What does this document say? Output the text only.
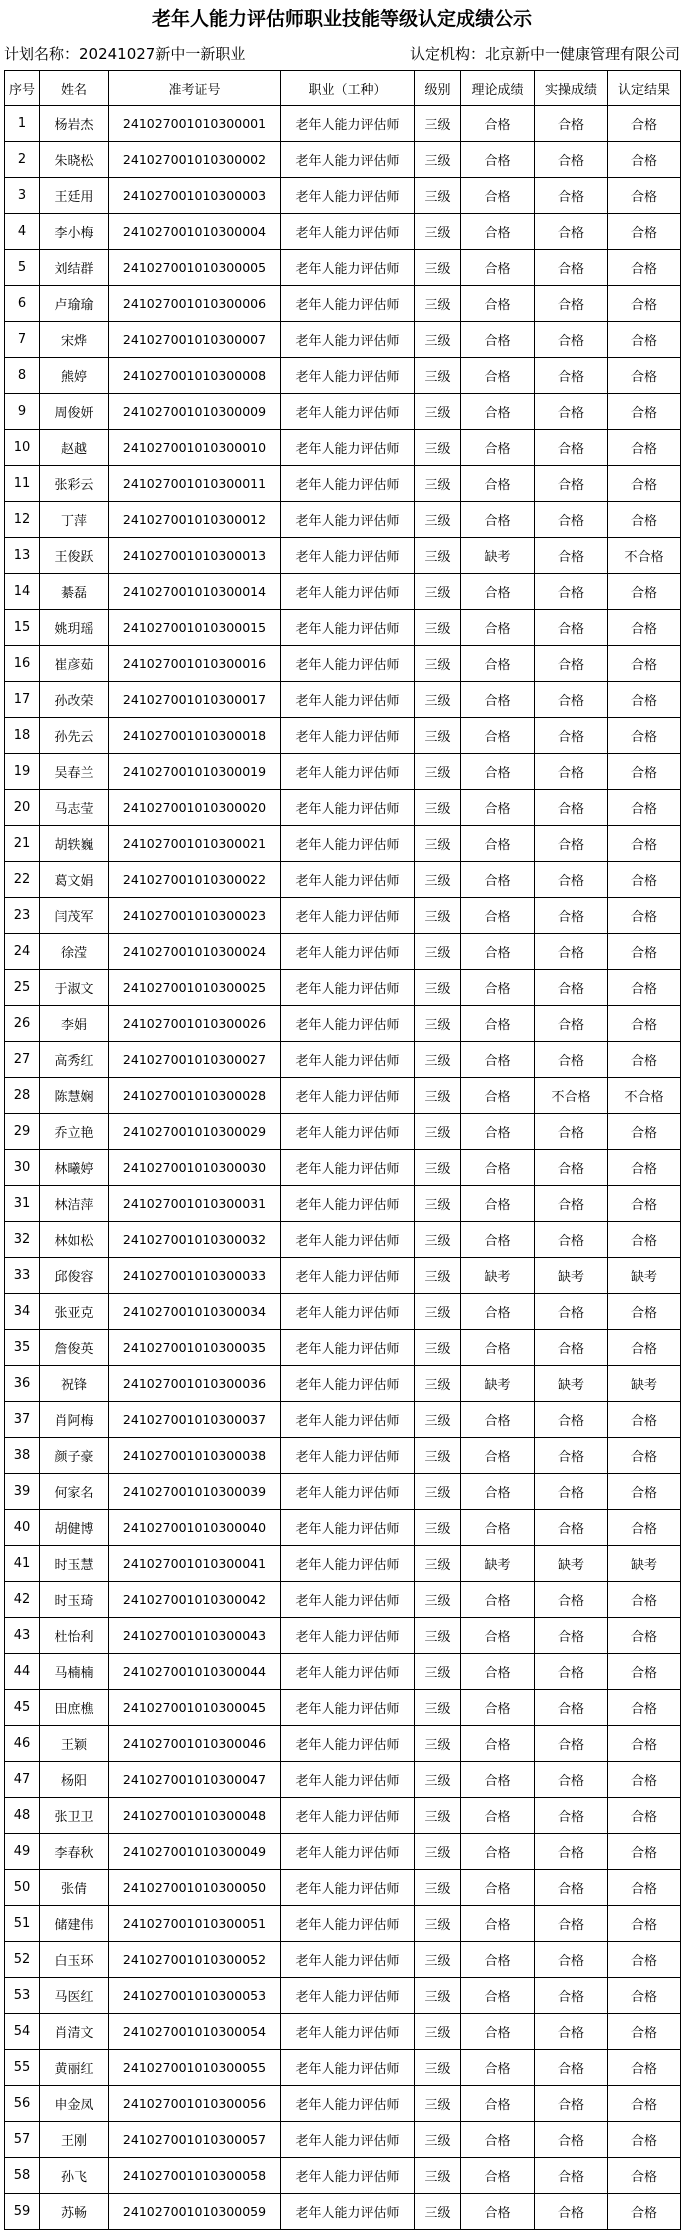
老年人能力评估师职业技能等级认定成绩公示
计划名称：20241027新中一新职业	认定机构：北京新中一健康管理有限公司
序号	姓名	准考证号	职业（工种）	级别	理论成绩	实操成绩	认定结果
1	杨岩杰	241027001010300001	老年人能力评估师	三级	合格	合格	合格
2	朱晓松	241027001010300002	老年人能力评估师	三级	合格	合格	合格
3	王廷用	241027001010300003	老年人能力评估师	三级	合格	合格	合格
4	李小梅	241027001010300004	老年人能力评估师	三级	合格	合格	合格
5	刘结群	241027001010300005	老年人能力评估师	三级	合格	合格	合格
6	卢瑜瑜	241027001010300006	老年人能力评估师	三级	合格	合格	合格
7	宋烨	241027001010300007	老年人能力评估师	三级	合格	合格	合格
8	熊婷	241027001010300008	老年人能力评估师	三级	合格	合格	合格
9	周俊妍	241027001010300009	老年人能力评估师	三级	合格	合格	合格
10	赵越	241027001010300010	老年人能力评估师	三级	合格	合格	合格
11	张彩云	241027001010300011	老年人能力评估师	三级	合格	合格	合格
12	丁萍	241027001010300012	老年人能力评估师	三级	合格	合格	合格
13	王俊跃	241027001010300013	老年人能力评估师	三级	缺考	合格	不合格
14	綦磊	241027001010300014	老年人能力评估师	三级	合格	合格	合格
15	姚玥瑶	241027001010300015	老年人能力评估师	三级	合格	合格	合格
16	崔彦茹	241027001010300016	老年人能力评估师	三级	合格	合格	合格
17	孙改荣	241027001010300017	老年人能力评估师	三级	合格	合格	合格
18	孙先云	241027001010300018	老年人能力评估师	三级	合格	合格	合格
19	吴春兰	241027001010300019	老年人能力评估师	三级	合格	合格	合格
20	马志莹	241027001010300020	老年人能力评估师	三级	合格	合格	合格
21	胡轶巍	241027001010300021	老年人能力评估师	三级	合格	合格	合格
22	葛文娟	241027001010300022	老年人能力评估师	三级	合格	合格	合格
23	闫茂军	241027001010300023	老年人能力评估师	三级	合格	合格	合格
24	徐滢	241027001010300024	老年人能力评估师	三级	合格	合格	合格
25	于淑文	241027001010300025	老年人能力评估师	三级	合格	合格	合格
26	李娟	241027001010300026	老年人能力评估师	三级	合格	合格	合格
27	高秀红	241027001010300027	老年人能力评估师	三级	合格	合格	合格
28	陈慧娴	241027001010300028	老年人能力评估师	三级	合格	不合格	不合格
29	乔立艳	241027001010300029	老年人能力评估师	三级	合格	合格	合格
30	林曦婷	241027001010300030	老年人能力评估师	三级	合格	合格	合格
31	林洁萍	241027001010300031	老年人能力评估师	三级	合格	合格	合格
32	林如松	241027001010300032	老年人能力评估师	三级	合格	合格	合格
33	邱俊容	241027001010300033	老年人能力评估师	三级	缺考	缺考	缺考
34	张亚克	241027001010300034	老年人能力评估师	三级	合格	合格	合格
35	詹俊英	241027001010300035	老年人能力评估师	三级	合格	合格	合格
36	祝锋	241027001010300036	老年人能力评估师	三级	缺考	缺考	缺考
37	肖阿梅	241027001010300037	老年人能力评估师	三级	合格	合格	合格
38	颜子豪	241027001010300038	老年人能力评估师	三级	合格	合格	合格
39	何家名	241027001010300039	老年人能力评估师	三级	合格	合格	合格
40	胡健博	241027001010300040	老年人能力评估师	三级	合格	合格	合格
41	时玉慧	241027001010300041	老年人能力评估师	三级	缺考	缺考	缺考
42	时玉琦	241027001010300042	老年人能力评估师	三级	合格	合格	合格
43	杜怡利	241027001010300043	老年人能力评估师	三级	合格	合格	合格
44	马楠楠	241027001010300044	老年人能力评估师	三级	合格	合格	合格
45	田庶樵	241027001010300045	老年人能力评估师	三级	合格	合格	合格
46	王颖	241027001010300046	老年人能力评估师	三级	合格	合格	合格
47	杨阳	241027001010300047	老年人能力评估师	三级	合格	合格	合格
48	张卫卫	241027001010300048	老年人能力评估师	三级	合格	合格	合格
49	李春秋	241027001010300049	老年人能力评估师	三级	合格	合格	合格
50	张倩	241027001010300050	老年人能力评估师	三级	合格	合格	合格
51	储建伟	241027001010300051	老年人能力评估师	三级	合格	合格	合格
52	白玉环	241027001010300052	老年人能力评估师	三级	合格	合格	合格
53	马医红	241027001010300053	老年人能力评估师	三级	合格	合格	合格
54	肖清文	241027001010300054	老年人能力评估师	三级	合格	合格	合格
55	黄丽红	241027001010300055	老年人能力评估师	三级	合格	合格	合格
56	申金凤	241027001010300056	老年人能力评估师	三级	合格	合格	合格
57	王刚	241027001010300057	老年人能力评估师	三级	合格	合格	合格
58	孙飞	241027001010300058	老年人能力评估师	三级	合格	合格	合格
59	苏畅	241027001010300059	老年人能力评估师	三级	合格	合格	合格
